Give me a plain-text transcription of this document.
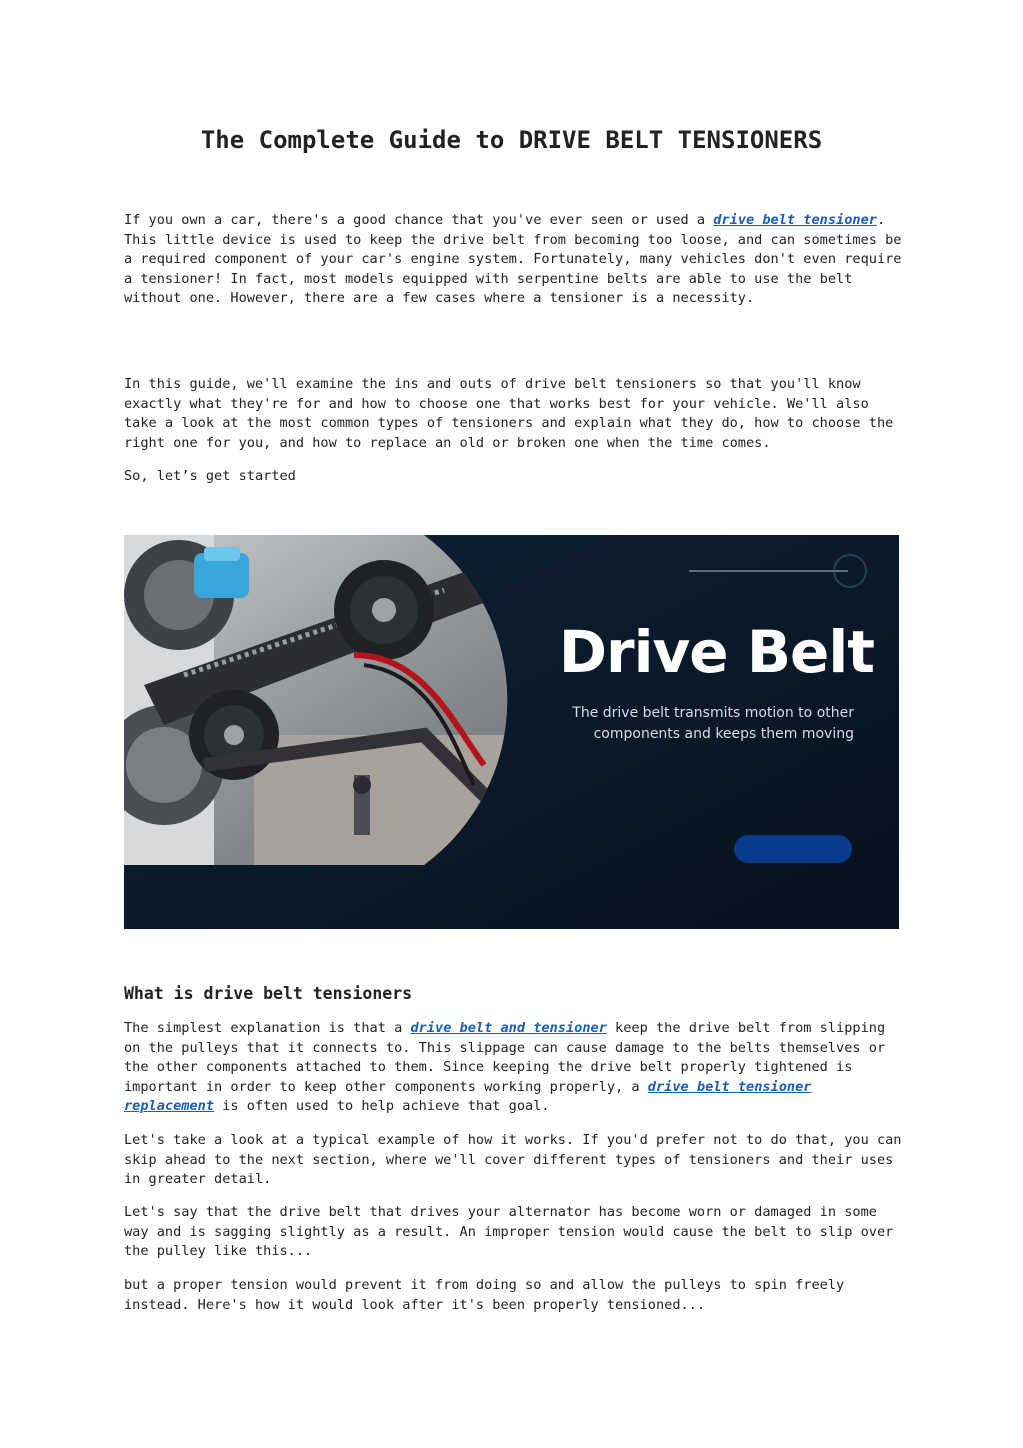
The Complete Guide to DRIVE BELT TENSIONERS

If you own a car, there's a good chance that you've ever seen or used a drive belt tensioner. This little device is used to keep the drive belt from becoming too loose, and can sometimes be a required component of your car's engine system. Fortunately, many vehicles don't even require a tensioner! In fact, most models equipped with serpentine belts are able to use the belt without one. However, there are a few cases where a tensioner is a necessity.

In this guide, we'll examine the ins and outs of drive belt tensioners so that you'll know exactly what they're for and how to choose one that works best for your vehicle. We'll also take a look at the most common types of tensioners and explain what they do, how to choose the right one for you, and how to replace an old or broken one when the time comes.

So, let’s get started

Drive Belt
The drive belt transmits motion to other components and keeps them moving
What is drive belt tensioners

The simplest explanation is that a drive belt and tensioner keep the drive belt from slipping on the pulleys that it connects to. This slippage can cause damage to the belts themselves or the other components attached to them. Since keeping the drive belt properly tightened is important in order to keep other components working properly, a drive belt tensioner replacement is often used to help achieve that goal.

Let's take a look at a typical example of how it works. If you'd prefer not to do that, you can skip ahead to the next section, where we'll cover different types of tensioners and their uses in greater detail.

Let's say that the drive belt that drives your alternator has become worn or damaged in some way and is sagging slightly as a result. An improper tension would cause the belt to slip over the pulley like this...

but a proper tension would prevent it from doing so and allow the pulleys to spin freely instead. Here's how it would look after it's been properly tensioned...
